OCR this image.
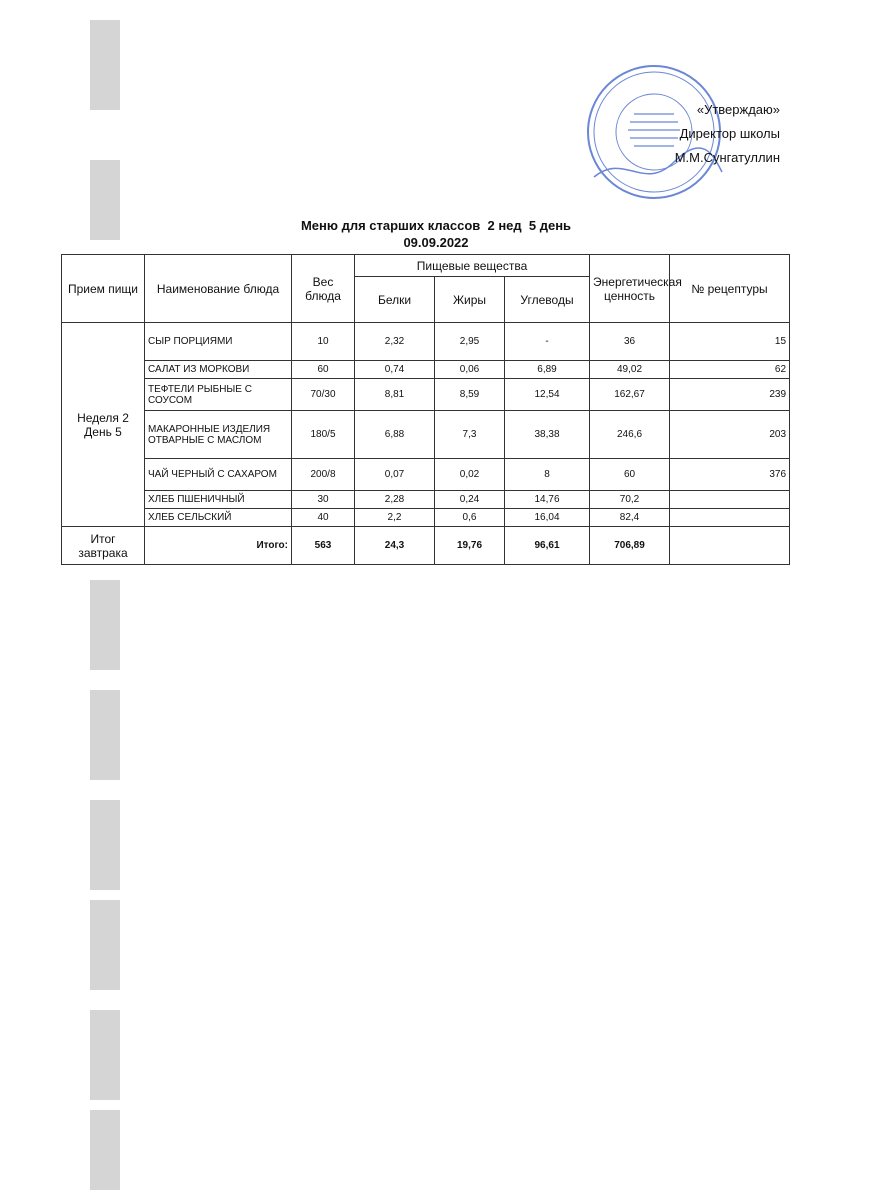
«Утверждаю»
Директор школы
М.М.Сунгатуллин
Меню для старших классов  2 нед  5 день
09.09.2022
Прием пищи	Наименование блюда	Вес блюда	Пищевые вещества			Энергетическая ценность	№ рецептуры
			Белки	Жиры	Углеводы		
Неделя 2 День 5	СЫР ПОРЦИЯМИ	10	2,32	2,95	-	36	15
	САЛАТ ИЗ МОРКОВИ	60	0,74	0,06	6,89	49,02	62
	ТЕФТЕЛИ РЫБНЫЕ С СОУСОМ	70/30	8,81	8,59	12,54	162,67	239
	МАКАРОННЫЕ ИЗДЕЛИЯ ОТВАРНЫЕ С МАСЛОМ	180/5	6,88	7,3	38,38	246,6	203
	ЧАЙ ЧЕРНЫЙ С САХАРОМ	200/8	0,07	0,02	8	60	376
	ХЛЕБ ПШЕНИЧНЫЙ	30	2,28	0,24	14,76	70,2	
	ХЛЕБ СЕЛЬСКИЙ	40	2,2	0,6	16,04	82,4	
Итог завтрака	Итого:	563	24,3	19,76	96,61	706,89	
